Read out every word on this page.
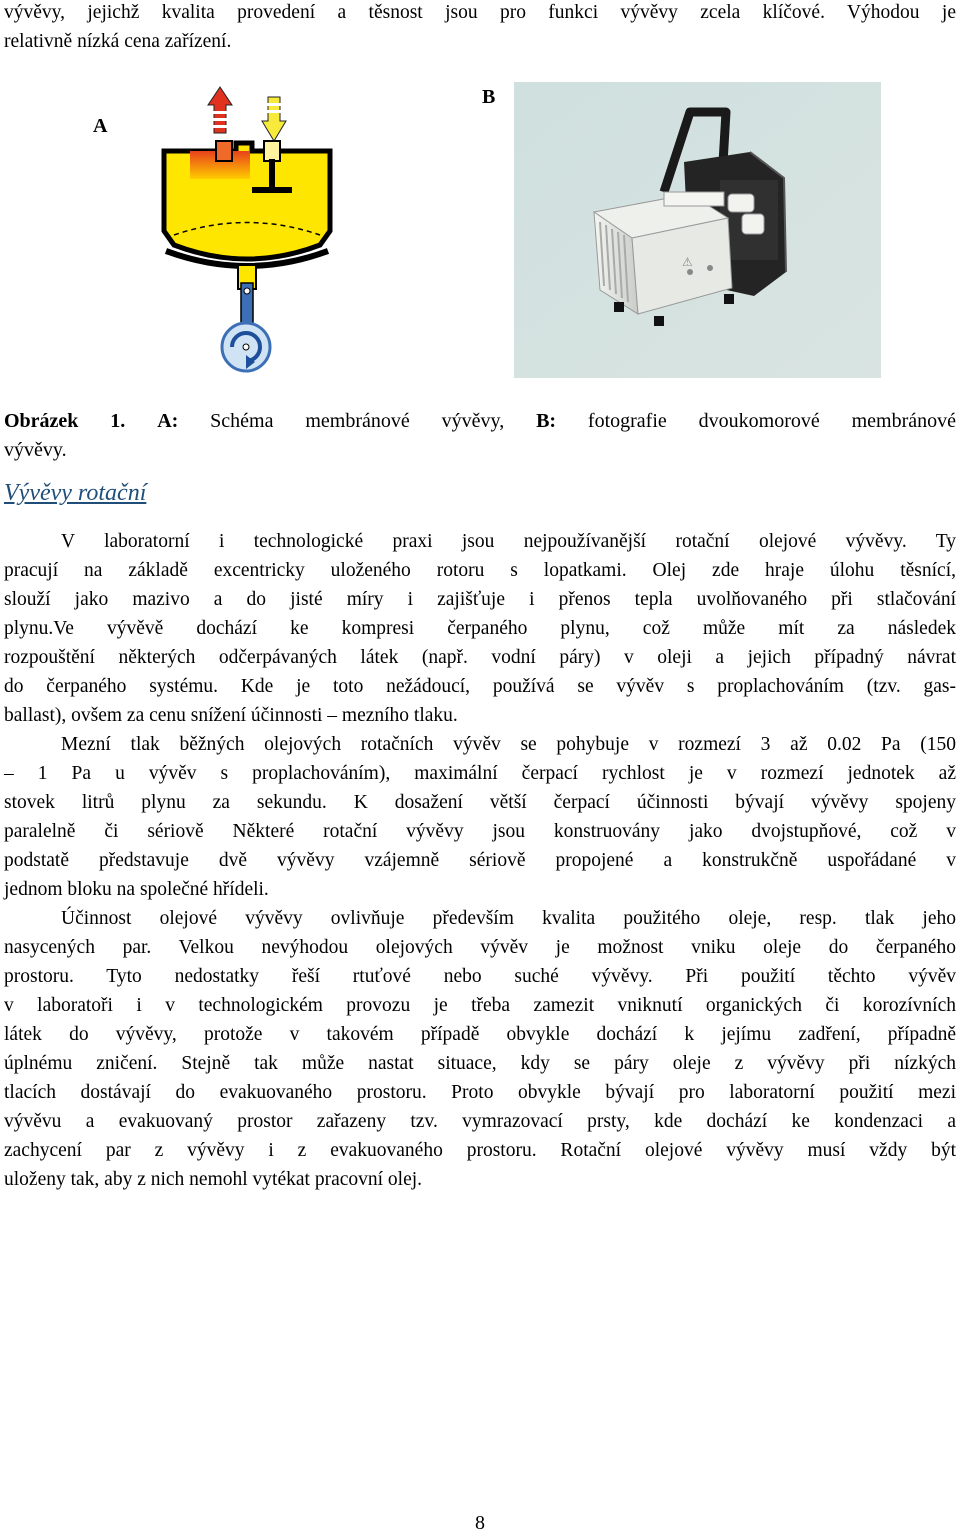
vývěvy, jejichž kvalita provedení a těsnost jsou pro funkci vývěvy zcela klíčové. Výhodou je
relativně nízká cena zařízení.
A
B
⚠
Obrázek 1. A: Schéma membránové vývěvy, B: fotografie dvoukomorové membránové
vývěvy.
Vývěvy rotační
V laboratorní i technologické praxi jsou nejpoužívanější rotační olejové vývěvy. Ty
pracují na základě excentricky uloženého rotoru s lopatkami. Olej zde hraje úlohu těsnící,
slouží jako mazivo a do jisté míry i zajišťuje i přenos tepla uvolňovaného při stlačování
plynu.Ve vývěvě dochází ke kompresi čerpaného plynu, což může mít za následek
rozpouštění některých odčerpávaných látek (např. vodní páry) v oleji a jejich případný návrat
do čerpaného systému. Kde je toto nežádoucí, používá se vývěv s proplachováním (tzv. gas-
ballast), ovšem za cenu snížení účinnosti – mezního tlaku.
Mezní tlak běžných olejových rotačních vývěv se pohybuje v rozmezí 3 až 0.02 Pa (150
– 1 Pa u vývěv s proplachováním), maximální čerpací rychlost je v rozmezí jednotek až
stovek litrů plynu za sekundu. K dosažení větší čerpací účinnosti bývají vývěvy spojeny
paralelně či sériově Některé rotační vývěvy jsou konstruovány jako dvojstupňové, což v
podstatě představuje dvě vývěvy vzájemně sériově propojené a konstrukčně uspořádané v
jednom bloku na společné hřídeli.
Účinnost olejové vývěvy ovlivňuje především kvalita použitého oleje, resp. tlak jeho
nasycených par. Velkou nevýhodou olejových vývěv je možnost vniku oleje do čerpaného
prostoru. Tyto nedostatky řeší rtuťové nebo suché vývěvy. Při použití těchto vývěv
v laboratoři i v technologickém provozu je třeba zamezit vniknutí organických či korozívních
látek do vývěvy, protože v takovém případě obvykle dochází k jejímu zadření, případně
úplnému zničení. Stejně tak může nastat situace, kdy se páry oleje z vývěvy při nízkých
tlacích dostávají do evakuovaného prostoru. Proto obvykle bývají pro laboratorní použití mezi
vývěvu a evakuovaný prostor zařazeny tzv. vymrazovací prsty, kde dochází ke kondenzaci a
zachycení par z vývěvy i z evakuovaného prostoru. Rotační olejové vývěvy musí vždy být
uloženy tak, aby z nich nemohl vytékat pracovní olej.
8
